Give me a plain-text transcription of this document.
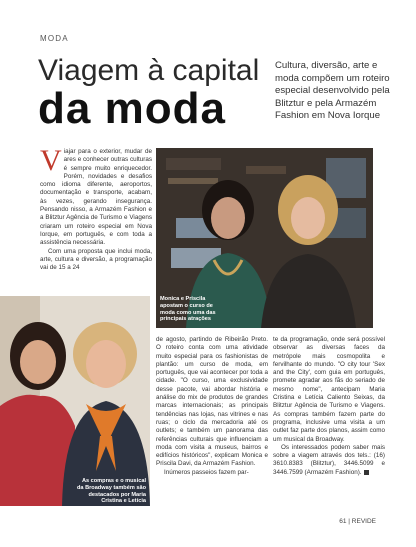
MODA
Viagem à capital
da moda
Cultura, diversão, arte e moda compõem um roteiro especial desenvolvido pela Blitztur e pela Armazém Fashion em Nova Iorque
V iajar para o exterior, mudar de ares e conhecer outras culturas é sempre muito enriquecedor. Porém, novidades e desafios como idioma diferente, aeroportos, documentação e transporte, acabam, às vezes, gerando insegurança. Pensando nisso, a Armazém Fashion e a Blitztur Agência de Turismo e Viagens criaram um roteiro especial em Nova Iorque, em português, e com toda a assistência necessária.

Com uma proposta que inclui moda, arte, cultura e diversão, a programação vai de 15 a 24

Monica e Priscila apostam o curso de moda como uma das principais atrações
As compras e o musical da Broadway também são destacados por Maria Cristina e Letícia

de agosto, partindo de Ribeirão Preto. O roteiro conta com uma atividade muito especial para os fashionistas de plantão: um curso de moda, em português, que vai acontecer por toda a cidade. "O curso, uma exclusividade desse pacote, vai abordar história e análise do mix de produtos de grandes marcas internacionais; as principais tendências nas lojas, nas vitrines e nas ruas; o ciclo da mercadoria até os outlets; e também um panorama das referências culturais que influenciam a moda com visita a museus, bairros e edifícios históricos", explicam Monica e Priscila Davi, da Armazém Fashion.

Inúmeros passeios fazem par-

te da programação, onde será possível observar as diversas faces da metrópole mais cosmopolita e fervilhante do mundo. "O city tour 'Sex and the City', com guia em português, promete agradar aos fãs do seriado de mesmo nome", antecipam Maria Cristina e Letícia Caliento Seixas, da Blitztur Agência de Turismo e Viagens. As compras também fazem parte do programa, inclusive uma visita a um outlet faz parte dos planos, assim como um musical da Broadway.

Os interessados podem saber mais sobre a viagem através dos tels.: (16) 3610.8383 (Blitztur), 3446.5099 e 3446.7599 (Armazém Fashion).

61 | REVIDE
